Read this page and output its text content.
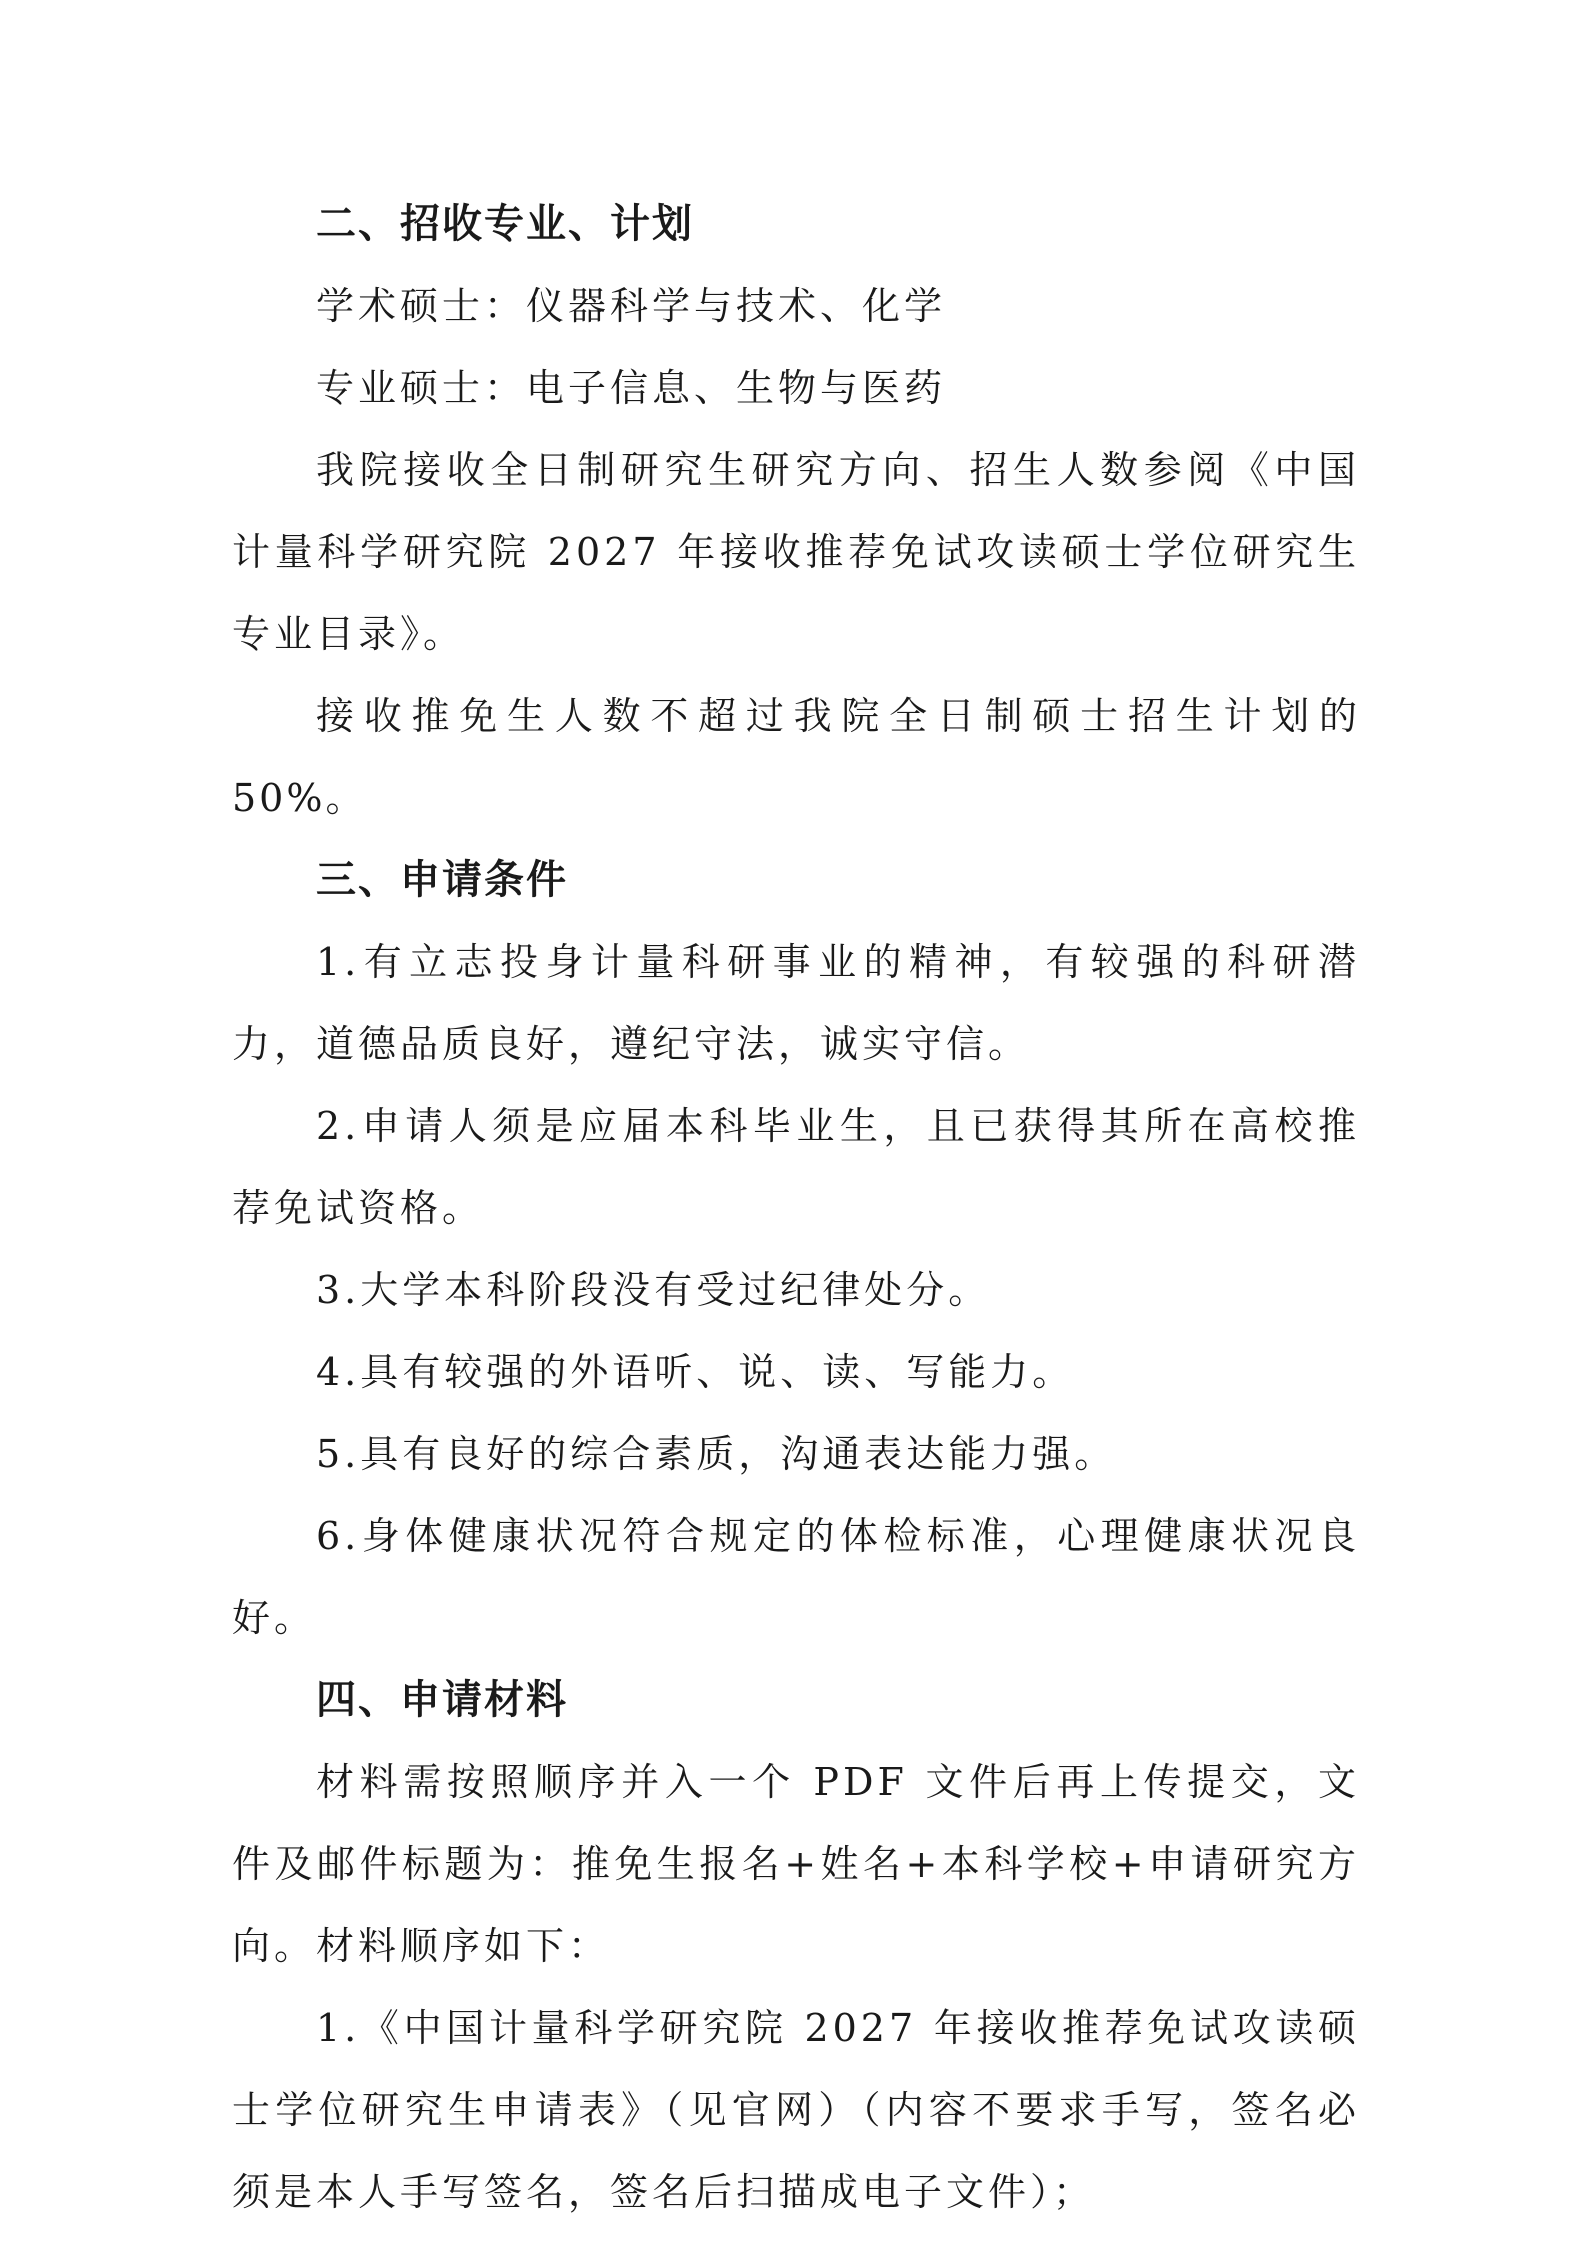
二、招收专业、计划

学术硕士：仪器科学与技术、化学

专业硕士：电子信息、生物与医药

我院接收全日制研究生研究方向、招生人数参阅《中国计量科学研究院 2027 年接收推荐免试攻读硕士学位研究生专业目录》。

接收推免生人数不超过我院全日制硕士招生计划的 50%。

三、申请条件

1.有立志投身计量科研事业的精神，有较强的科研潜力，道德品质良好，遵纪守法，诚实守信。

2.申请人须是应届本科毕业生，且已获得其所在高校推荐免试资格。

3.大学本科阶段没有受过纪律处分。

4.具有较强的外语听、说、读、写能力。

5.具有良好的综合素质，沟通表达能力强。

6.身体健康状况符合规定的体检标准，心理健康状况良好。

四、申请材料

材料需按照顺序并入一个 PDF 文件后再上传提交，文件及邮件标题为：推免生报名+姓名+本科学校+申请研究方向。材料顺序如下：

1.《中国计量科学研究院 2027 年接收推荐免试攻读硕士学位研究生申请表》（见官网）（内容不要求手写，签名必须是本人手写签名，签名后扫描成电子文件）；
